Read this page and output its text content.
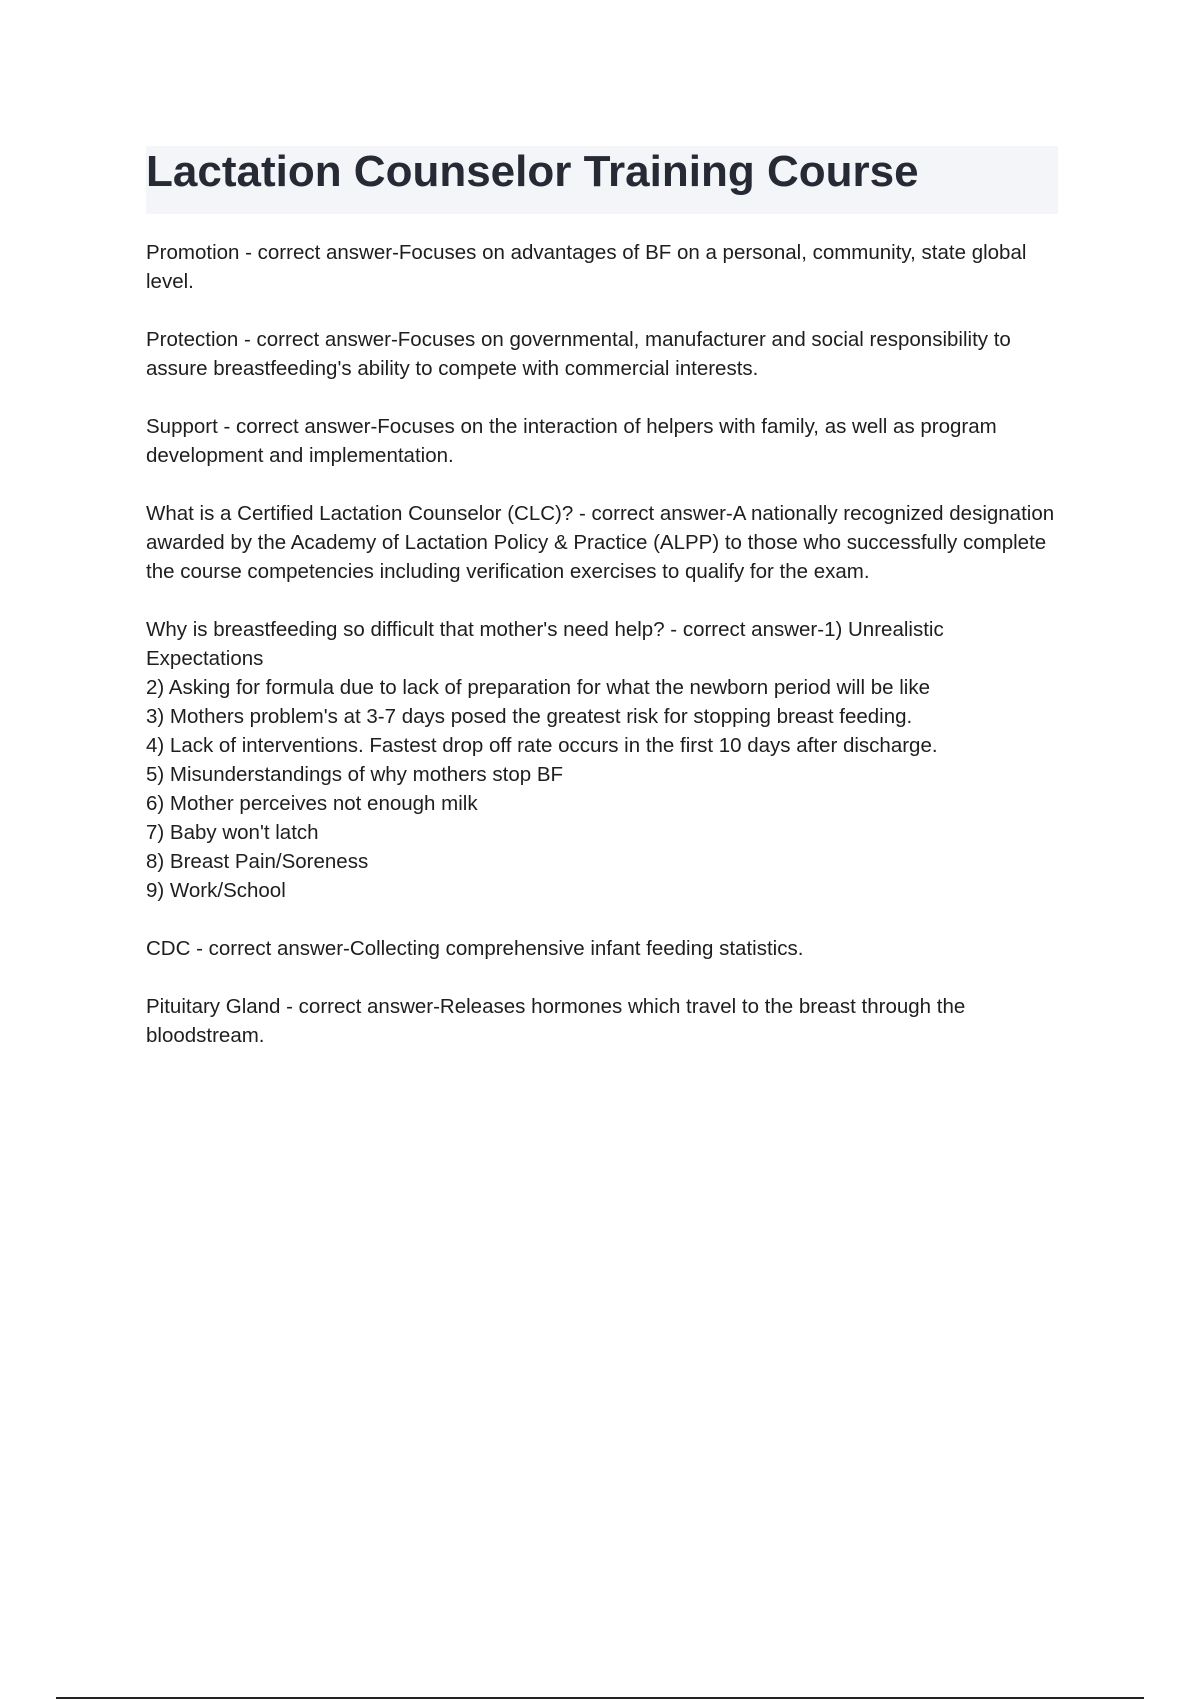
Lactation Counselor Training Course

Promotion - correct answer-Focuses on advantages of BF on a personal, community, state global level.

Protection - correct answer-Focuses on governmental, manufacturer and social responsibility to assure breastfeeding's ability to compete with commercial interests.

Support - correct answer-Focuses on the interaction of helpers with family, as well as program development and implementation.

What is a Certified Lactation Counselor (CLC)? - correct answer-A nationally recognized designation awarded by the Academy of Lactation Policy & Practice (ALPP) to those who successfully complete the course competencies including verification exercises to qualify for the exam.

Why is breastfeeding so difficult that mother's need help? - correct answer-1) Unrealistic Expectations

2) Asking for formula due to lack of preparation for what the newborn period will be like

3) Mothers problem's at 3-7 days posed the greatest risk for stopping breast feeding.

4) Lack of interventions. Fastest drop off rate occurs in the first 10 days after discharge.

5) Misunderstandings of why mothers stop BF

6) Mother perceives not enough milk

7) Baby won't latch

8) Breast Pain/Soreness

9) Work/School

CDC - correct answer-Collecting comprehensive infant feeding statistics.

Pituitary Gland - correct answer-Releases hormones which travel to the breast through the bloodstream.
